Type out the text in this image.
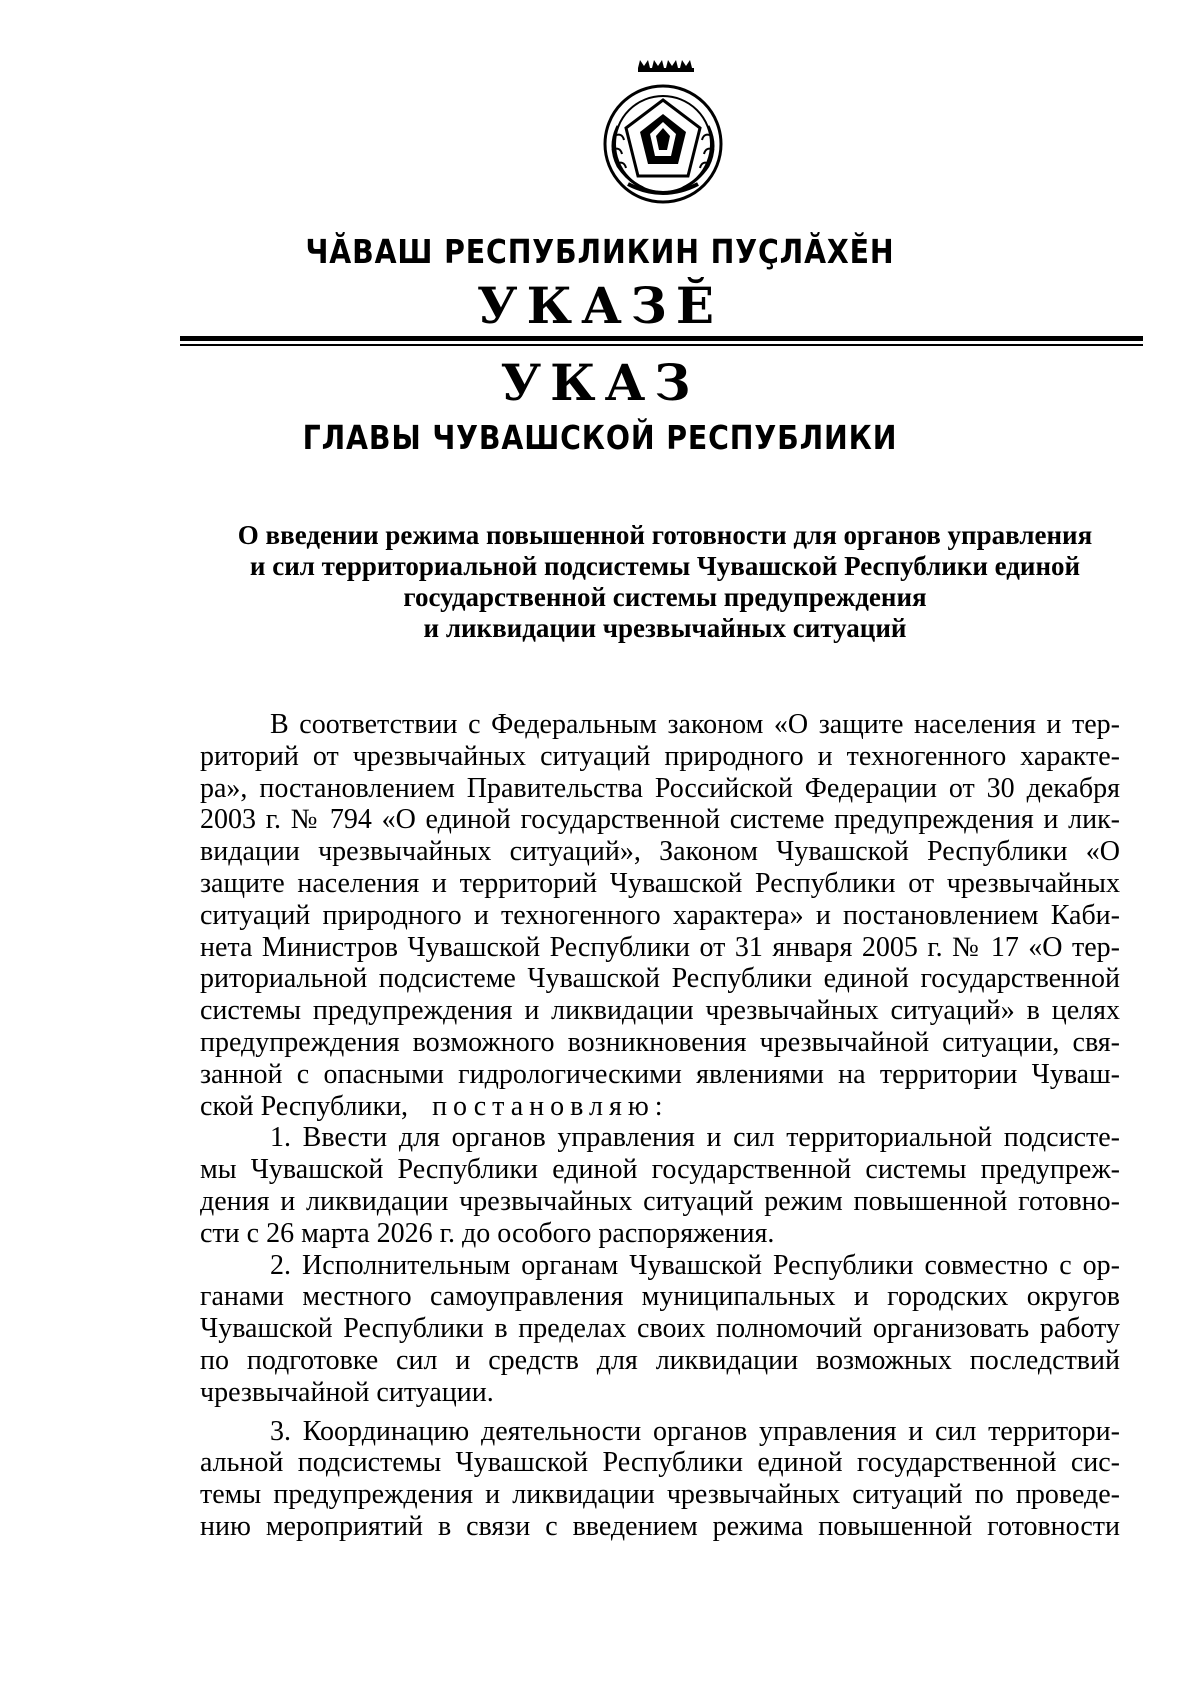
ЧĂВАШ РЕСПУБЛИКИН ПУÇЛĂХĔН
УКАЗĔ
УКАЗ
ГЛАВЫ ЧУВАШСКОЙ РЕСПУБЛИКИ
О введении режима повышенной готовности для органов управления
и сил территориальной подсистемы Чувашской Республики единой
государственной системы предупреждения
и ликвидации чрезвычайных ситуаций
В соответствии с Федеральным законом «О защите населения и тер-
риторий от чрезвычайных ситуаций природного и техногенного характе-
ра», постановлением Правительства Российской Федерации от 30 декабря
2003 г. № 794 «О единой государственной системе предупреждения и лик-
видации чрезвычайных ситуаций», Законом Чувашской Республики «О
защите населения и территорий Чувашской Республики от чрезвычайных
ситуаций природного и техногенного характера» и постановлением Каби-
нета Министров Чувашской Республики от 31 января 2005 г. № 17 «О тер-
риториальной подсистеме Чувашской Республики единой государственной
системы предупреждения и ликвидации чрезвычайных ситуаций» в целях
предупреждения возможного возникновения чрезвычайной ситуации, свя-
занной с опасными гидрологическими явлениями на территории Чуваш-
ской Республики, постановляю:
1. Ввести для органов управления и сил территориальной подсисте-
мы Чувашской Республики единой государственной системы предупреж-
дения и ликвидации чрезвычайных ситуаций режим повышенной готовно-
сти с 26 марта 2026 г. до особого распоряжения.
2. Исполнительным органам Чувашской Республики совместно с ор-
ганами местного самоуправления муниципальных и городских округов
Чувашской Республики в пределах своих полномочий организовать работу
по подготовке сил и средств для ликвидации возможных последствий
чрезвычайной ситуации.
3. Координацию деятельности органов управления и сил территори-
альной подсистемы Чувашской Республики единой государственной сис-
темы предупреждения и ликвидации чрезвычайных ситуаций по проведе-
нию мероприятий в связи с введением режима повышенной готовности
